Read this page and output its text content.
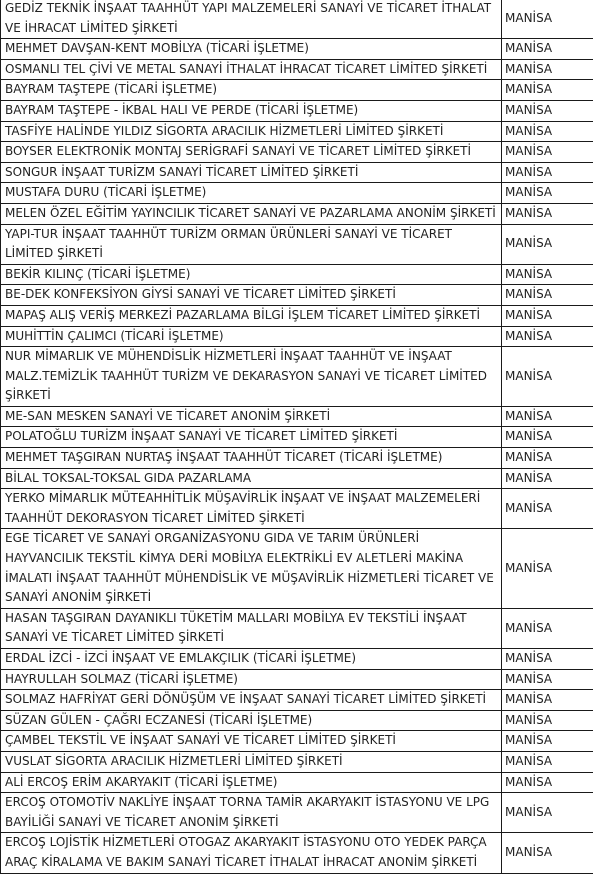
GEDİZ TEKNİK İNŞAAT TAAHHÜT YAPI MALZEMELERİ SANAYİ VE TİCARET İTHALAT VE İHRACAT LİMİTED ŞİRKETİ	MANİSA
MEHMET DAVŞAN-KENT MOBİLYA (TİCARİ İŞLETME)	MANİSA
OSMANLI TEL ÇİVİ VE METAL SANAYİ İTHALAT İHRACAT TİCARET LİMİTED ŞİRKETİ	MANİSA
BAYRAM TAŞTEPE (TİCARİ İŞLETME)	MANİSA
BAYRAM TAŞTEPE - İKBAL HALI VE PERDE (TİCARİ İŞLETME)	MANİSA
TASFİYE HALİNDE YILDIZ SİGORTA ARACILIK HİZMETLERİ LİMİTED ŞİRKETİ	MANİSA
BOYSER ELEKTRONİK MONTAJ SERİGRAFİ SANAYİ VE TİCARET LİMİTED ŞİRKETİ	MANİSA
SONGUR İNŞAAT TURİZM SANAYİ TİCARET LİMİTED ŞİRKETİ	MANİSA
MUSTAFA DURU (TİCARİ İŞLETME)	MANİSA
MELEN ÖZEL EĞİTİM YAYINCILIK TİCARET SANAYİ VE PAZARLAMA ANONİM ŞİRKETİ	MANİSA
YAPI-TUR İNŞAAT TAAHHÜT TURİZM ORMAN ÜRÜNLERİ SANAYİ VE TİCARET LİMİTED ŞİRKETİ	MANİSA
BEKİR KILINÇ (TİCARİ İŞLETME)	MANİSA
BE-DEK KONFEKSİYON GİYSİ SANAYİ VE TİCARET LİMİTED ŞİRKETİ	MANİSA
MAPAŞ ALIŞ VERİŞ MERKEZİ PAZARLAMA BİLGİ İŞLEM TİCARET LİMİTED ŞİRKETİ	MANİSA
MUHİTTİN ÇALIMCI (TİCARİ İŞLETME)	MANİSA
NUR MİMARLIK VE MÜHENDİSLİK HİZMETLERİ İNŞAAT TAAHHÜT VE İNŞAAT MALZ.TEMİZLİK TAAHHÜT TURİZM VE DEKARASYON SANAYİ VE TİCARET LİMİTED ŞİRKETİ	MANİSA
ME-SAN MESKEN SANAYİ VE TİCARET ANONİM ŞİRKETİ	MANİSA
POLATOĞLU TURİZM İNŞAAT SANAYİ VE TİCARET LİMİTED ŞİRKETİ	MANİSA
MEHMET TAŞGIRAN NURTAŞ İNŞAAT TAAHHÜT TİCARET (TİCARİ İŞLETME)	MANİSA
BİLAL TOKSAL-TOKSAL GIDA PAZARLAMA	MANİSA
YERKO MİMARLIK MÜTEAHHİTLİK MÜŞAVİRLİK İNŞAAT VE İNŞAAT MALZEMELERİ TAAHHÜT DEKORASYON TİCARET LİMİTED ŞİRKETİ	MANİSA
EGE TİCARET VE SANAYİ ORGANİZASYONU GIDA VE TARIM ÜRÜNLERİ HAYVANCILIK TEKSTİL KİMYA DERİ MOBİLYA ELEKTRİKLİ EV ALETLERİ MAKİNA İMALATI İNŞAAT TAAHHÜT MÜHENDİSLİK VE MÜŞAVİRLİK HİZMETLERİ TİCARET VE SANAYİ ANONİM ŞİRKETİ	MANİSA
HASAN TAŞGIRAN DAYANIKLI TÜKETİM MALLARI MOBİLYA EV TEKSTİLİ İNŞAAT SANAYİ VE TİCARET LİMİTED ŞİRKETİ	MANİSA
ERDAL İZCİ - İZCİ İNŞAAT VE EMLAKÇILIK (TİCARİ İŞLETME)	MANİSA
HAYRULLAH SOLMAZ (TİCARİ İŞLETME)	MANİSA
SOLMAZ HAFRİYAT GERİ DÖNÜŞÜM VE İNŞAAT SANAYİ TİCARET LİMİTED ŞİRKETİ	MANİSA
SÜZAN GÜLEN - ÇAĞRI ECZANESİ (TİCARİ İŞLETME)	MANİSA
ÇAMBEL TEKSTİL VE İNŞAAT SANAYİ VE TİCARET LİMİTED ŞİRKETİ	MANİSA
VUSLAT SİGORTA ARACILIK HİZMETLERİ LİMİTED ŞİRKETİ	MANİSA
ALİ ERCOŞ ERİM AKARYAKIT (TİCARİ İŞLETME)	MANİSA
ERCOŞ OTOMOTİV NAKLİYE İNŞAAT TORNA TAMİR AKARYAKIT İSTASYONU VE LPG BAYİLİĞİ SANAYİ VE TİCARET ANONİM ŞİRKETİ	MANİSA
ERCOŞ LOJİSTİK HİZMETLERİ OTOGAZ AKARYAKIT İSTASYONU OTO YEDEK PARÇA ARAÇ KİRALAMA VE BAKIM SANAYİ TİCARET İTHALAT İHRACAT ANONİM ŞİRKETİ	MANİSA
